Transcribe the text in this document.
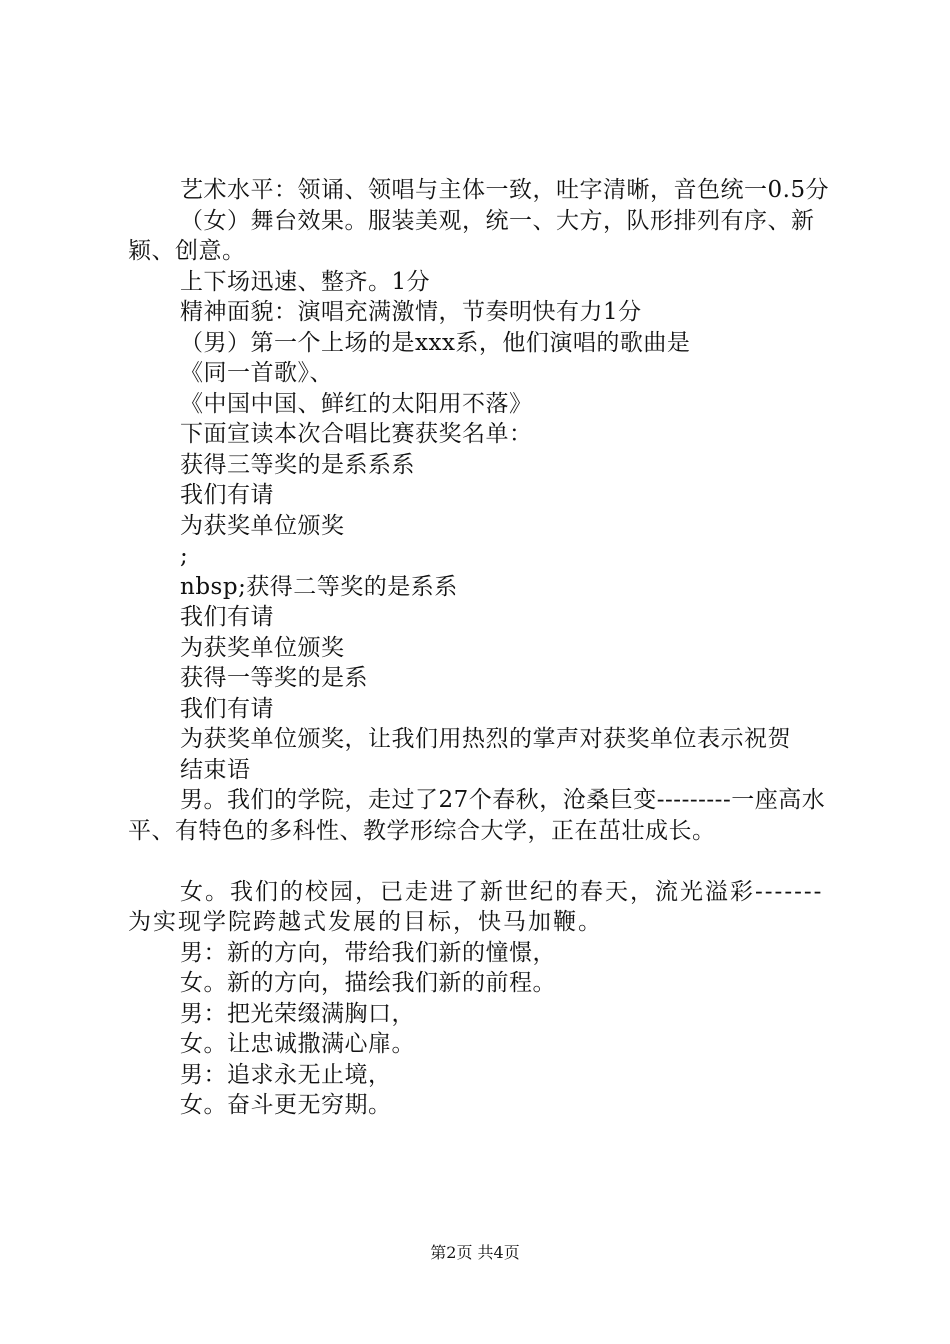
艺术水平：领诵、领唱与主体一致，吐字清晰，音色统一0.5分

（女）舞台效果。服装美观，统一、大方，队形排列有序、新颖、创意。

上下场迅速、整齐。1分

精神面貌：演唱充满激情，节奏明快有力1分

（男）第一个上场的是xxx系，他们演唱的歌曲是

《同一首歌》、

《中国中国、鲜红的太阳用不落》

下面宣读本次合唱比赛获奖名单：

获得三等奖的是系系系

我们有请

为获奖单位颁奖

;

nbsp;获得二等奖的是系系

我们有请

为获奖单位颁奖

获得一等奖的是系

我们有请

为获奖单位颁奖，让我们用热烈的掌声对获奖单位表示祝贺

结束语

男。我们的学院，走过了27个春秋，沧桑巨变---------一座高水平、有特色的多科性、教学形综合大学，正在茁壮成长。

女。我们的校园，已走进了新世纪的春天，流光溢彩-------为实现学院跨越式发展的目标，快马加鞭。

男：新的方向，带给我们新的憧憬，

女。新的方向，描绘我们新的前程。

男：把光荣缀满胸口，

女。让忠诚撒满心扉。

男：追求永无止境，

女。奋斗更无穷期。

第2页 共4页
